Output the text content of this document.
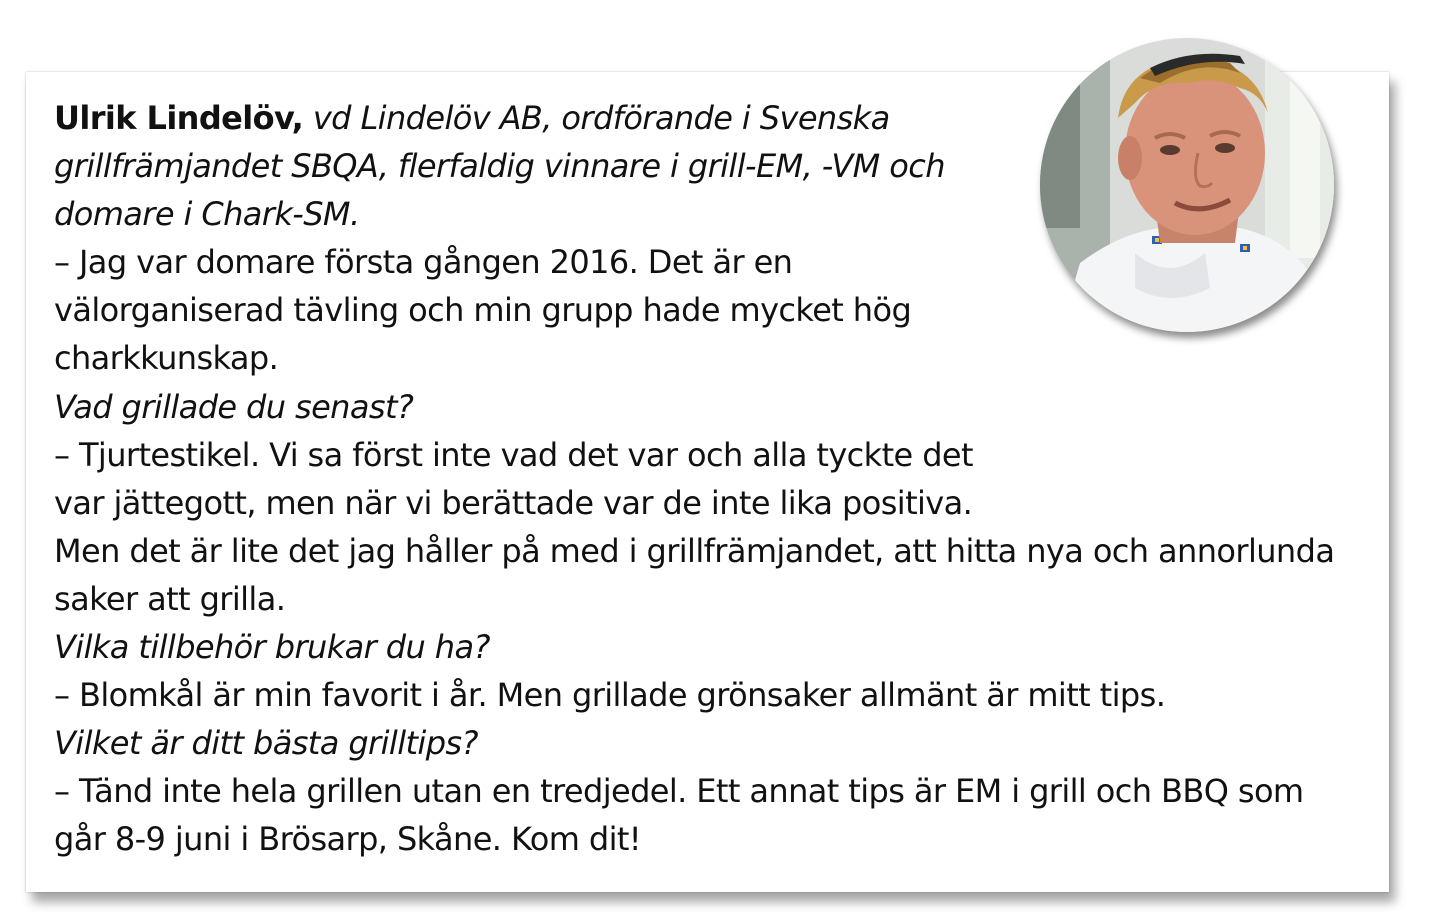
Ulrik Lindelöv, vd Lindelöv AB, ordförande i Svenska
grillfrämjandet SBQA, flerfaldig vinnare i grill-EM, -VM och
domare i Chark-SM.
– Jag var domare första gången 2016. Det är en
välorganiserad tävling och min grupp hade mycket hög
charkkunskap.
Vad grillade du senast?
– Tjurtestikel. Vi sa först inte vad det var och alla tyckte det
var jättegott, men när vi berättade var de inte lika positiva.
Men det är lite det jag håller på med i grillfrämjandet, att hitta nya och annorlunda
saker att grilla.
Vilka tillbehör brukar du ha?
– Blomkål är min favorit i år. Men grillade grönsaker allmänt är mitt tips.
Vilket är ditt bästa grilltips?
– Tänd inte hela grillen utan en tredjedel. Ett annat tips är EM i grill och BBQ som
går 8-9 juni i Brösarp, Skåne. Kom dit!
